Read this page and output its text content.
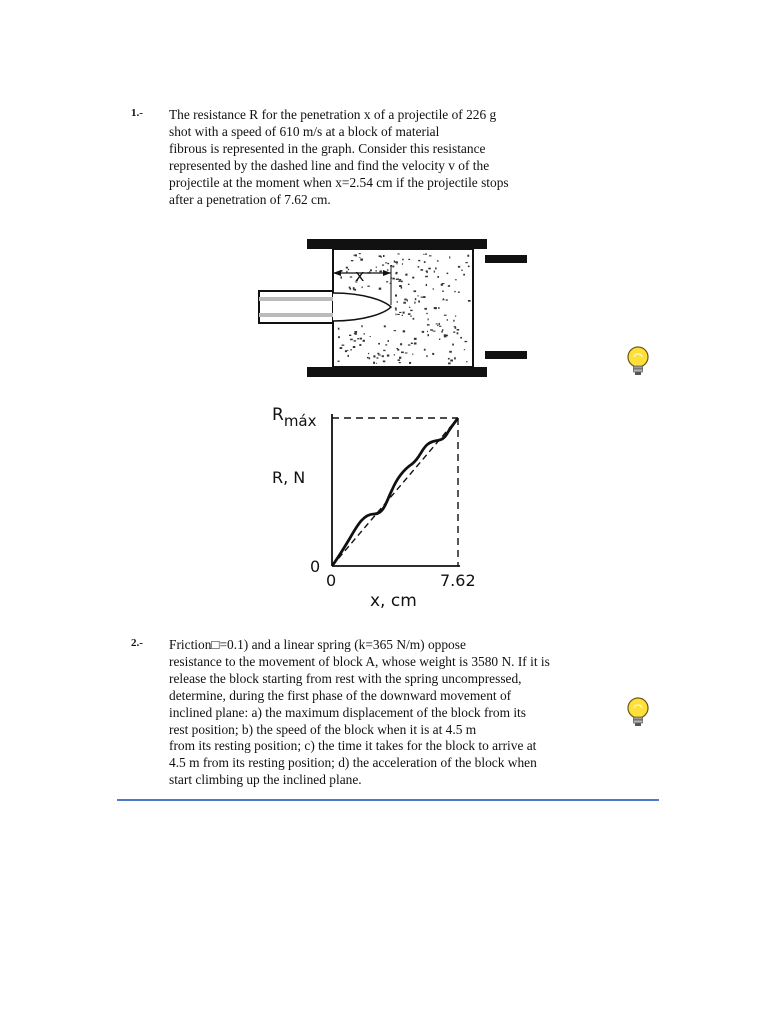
1.- The resistance R for the penetration x of a projectile of 226 g
shot with a speed of 610 m/s at a block of material
fibrous is represented in the graph. Consider this resistance
represented by the dashed line and find the velocity v of the
projectile at the moment when x=2.54 cm if the projectile stops
after a penetration of 7.62 cm.
x
Rmáx
R, N
0
0	7.62
x, cm
2.- Friction□=0.1) and a linear spring (k=365 N/m) oppose
resistance to the movement of block A, whose weight is 3580 N. If it is
release the block starting from rest with the spring uncompressed,
determine, during the first phase of the downward movement of
inclined plane: a) the maximum displacement of the block from its
rest position; b) the speed of the block when it is at 4.5 m
from its resting position; c) the time it takes for the block to arrive at
4.5 m from its resting position; d) the acceleration of the block when
start climbing up the inclined plane.
